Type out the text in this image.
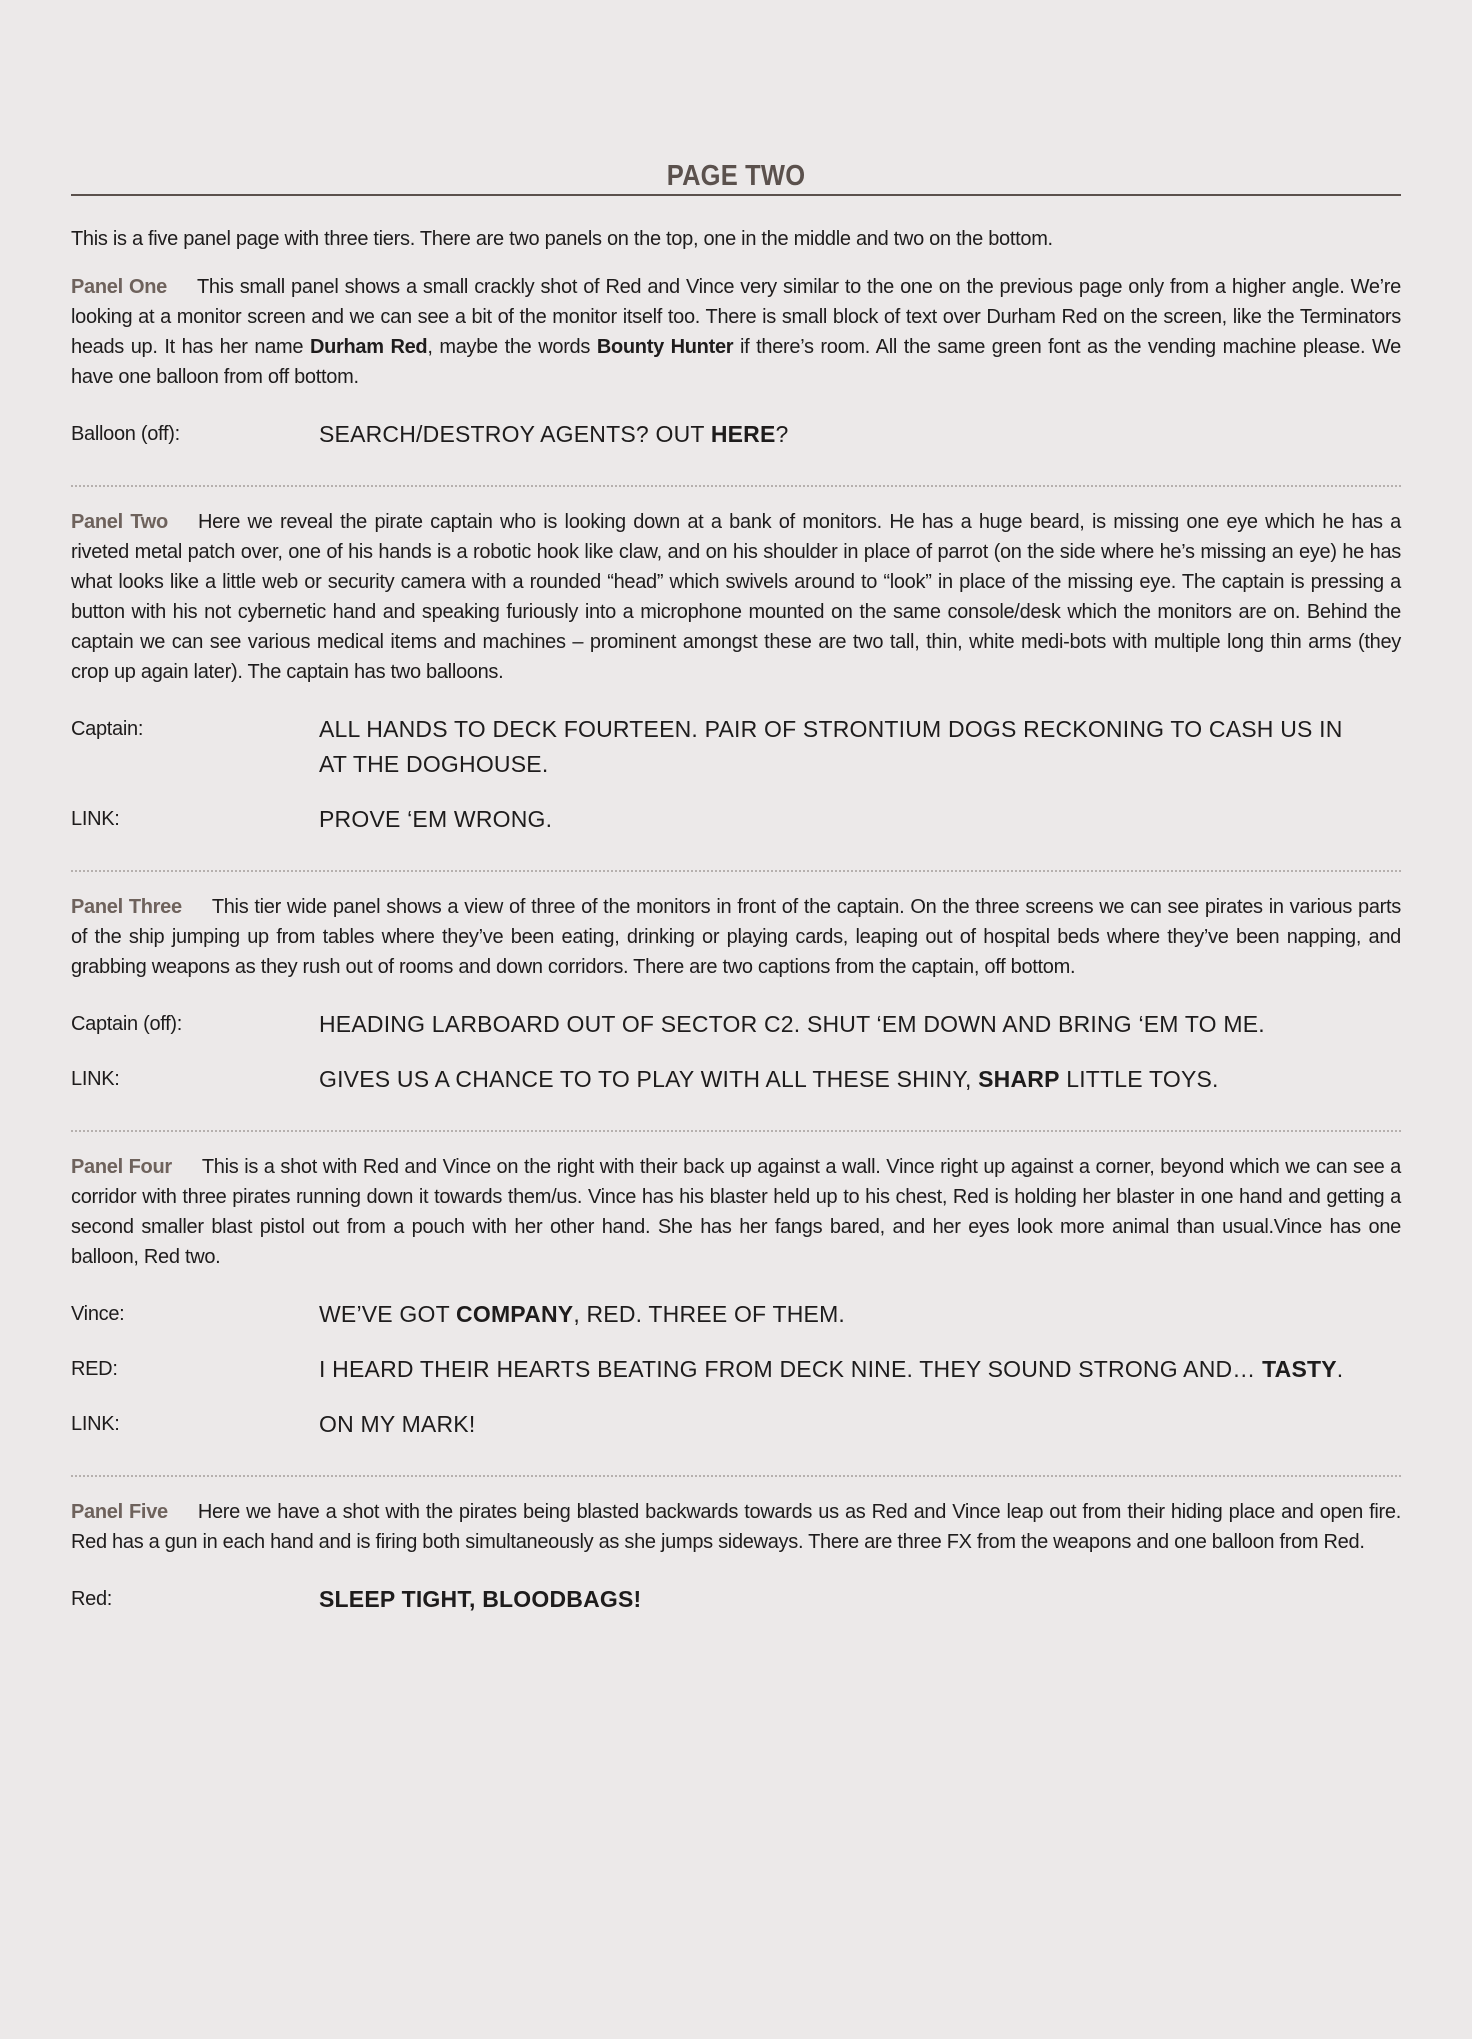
PAGE TWO

This is a five panel page with three tiers. There are two panels on the top, one in the middle and two on the bottom.

Panel One This small panel shows a small crackly shot of Red and Vince very similar to the one on the previous page only from a higher angle. We’re looking at a monitor screen and we can see a bit of the monitor itself too. There is small block of text over Durham Red on the screen, like the Terminators heads up. It has her name Durham Red, maybe the words Bounty Hunter if there’s room. All the same green font as the vending machine please. We have one balloon from off bottom.

Balloon (off):	SEARCH/DESTROY AGENTS? OUT HERE?

Panel Two Here we reveal the pirate captain who is looking down at a bank of monitors. He has a huge beard, is missing one eye which he has a riveted metal patch over, one of his hands is a robotic hook like claw, and on his shoulder in place of parrot (on the side where he’s missing an eye) he has what looks like a little web or security camera with a rounded “head” which swivels around to “look” in place of the missing eye. The captain is pressing a button with his not cybernetic hand and speaking furiously into a microphone mounted on the same console/desk which the monitors are on. Behind the captain we can see various medical items and machines – prominent amongst these are two tall, thin, white medi-bots with multiple long thin arms (they crop up again later). The captain has two balloons.

Captain:	ALL HANDS TO DECK FOURTEEN. PAIR OF STRONTIUM DOGS RECKONING TO CASH US IN AT THE DOGHOUSE.
LINK:	PROVE ‘EM WRONG.

Panel Three This tier wide panel shows a view of three of the monitors in front of the captain. On the three screens we can see pirates in various parts of the ship jumping up from tables where they’ve been eating, drinking or playing cards, leaping out of hospital beds where they’ve been napping, and grabbing weapons as they rush out of rooms and down corridors. There are two captions from the captain, off bottom.

Captain (off):	HEADING LARBOARD OUT OF SECTOR C2. SHUT ‘EM DOWN AND BRING ‘EM TO ME.
LINK:	GIVES US A CHANCE TO TO PLAY WITH ALL THESE SHINY, SHARP LITTLE TOYS.

Panel Four This is a shot with Red and Vince on the right with their back up against a wall. Vince right up against a corner, beyond which we can see a corridor with three pirates running down it towards them/us. Vince has his blaster held up to his chest, Red is holding her blaster in one hand and getting a second smaller blast pistol out from a pouch with her other hand. She has her fangs bared, and her eyes look more animal than usual.Vince has one balloon, Red two.

Vince:	WE’VE GOT COMPANY, RED. THREE OF THEM.
RED:	I HEARD THEIR HEARTS BEATING FROM DECK NINE. THEY SOUND STRONG AND… TASTY.
LINK:	ON MY MARK!

Panel Five Here we have a shot with the pirates being blasted backwards towards us as Red and Vince leap out from their hiding place and open fire. Red has a gun in each hand and is firing both simultaneously as she jumps sideways. There are three FX from the weapons and one balloon from Red.

Red:	SLEEP TIGHT, BLOODBAGS!
